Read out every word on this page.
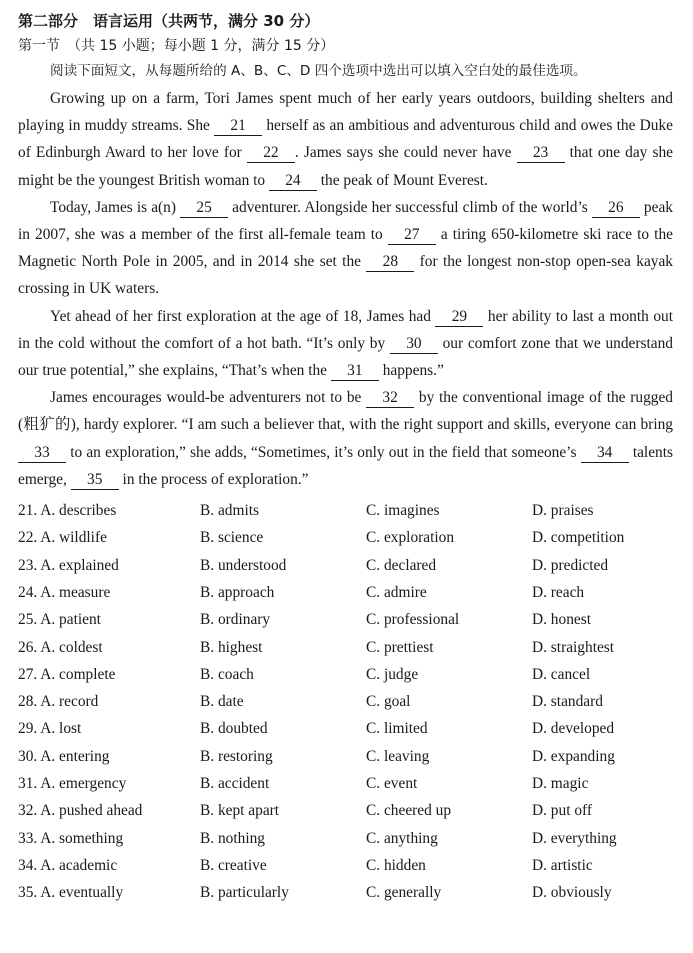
第二部分　语言运用（共两节，满分 30 分）
第一节　（共 15 小题；每小题 1 分，满分 15 分）
阅读下面短文，从每题所给的 A、B、C、D 四个选项中选出可以填入空白处的最佳选项。

Growing up on a farm, Tori James spent much of her early years outdoors, building shelters and playing in muddy streams. She 21 herself as an ambitious and adventurous child and owes the Duke of Edinburgh Award to her love for 22 . James says she could never have 23 that one day she might be the youngest British woman to 24 the peak of Mount Everest.

Today, James is a(n) 25 adventurer. Alongside her successful climb of the world’s 26 peak in 2007, she was a member of the first all-female team to 27 a tiring 650-kilometre ski race to the Magnetic North Pole in 2005, and in 2014 she set the 28 for the longest non-stop open-sea kayak crossing in UK waters.

Yet ahead of her first exploration at the age of 18, James had 29 her ability to last a month out in the cold without the comfort of a hot bath. “It’s only by 30 our comfort zone that we understand our true potential,” she explains, “That’s when the 31 happens.”

James encourages would-be adventurers not to be 32 by the conventional image of the rugged (粗犷的), hardy explorer. “I am such a believer that, with the right support and skills, everyone can bring 33 to an exploration,” she adds, “Sometimes, it’s only out in the field that someone’s 34 talents emerge, 35 in the process of exploration.”

21. A. describes	B. admits	C. imagines	D. praises
22. A. wildlife	B. science	C. exploration	D. competition
23. A. explained	B. understood	C. declared	D. predicted
24. A. measure	B. approach	C. admire	D. reach
25. A. patient	B. ordinary	C. professional	D. honest
26. A. coldest	B. highest	C. prettiest	D. straightest
27. A. complete	B. coach	C. judge	D. cancel
28. A. record	B. date	C. goal	D. standard
29. A. lost	B. doubted	C. limited	D. developed
30. A. entering	B. restoring	C. leaving	D. expanding
31. A. emergency	B. accident	C. event	D. magic
32. A. pushed ahead	B. kept apart	C. cheered up	D. put off
33. A. something	B. nothing	C. anything	D. everything
34. A. academic	B. creative	C. hidden	D. artistic
35. A. eventually	B. particularly	C. generally	D. obviously
